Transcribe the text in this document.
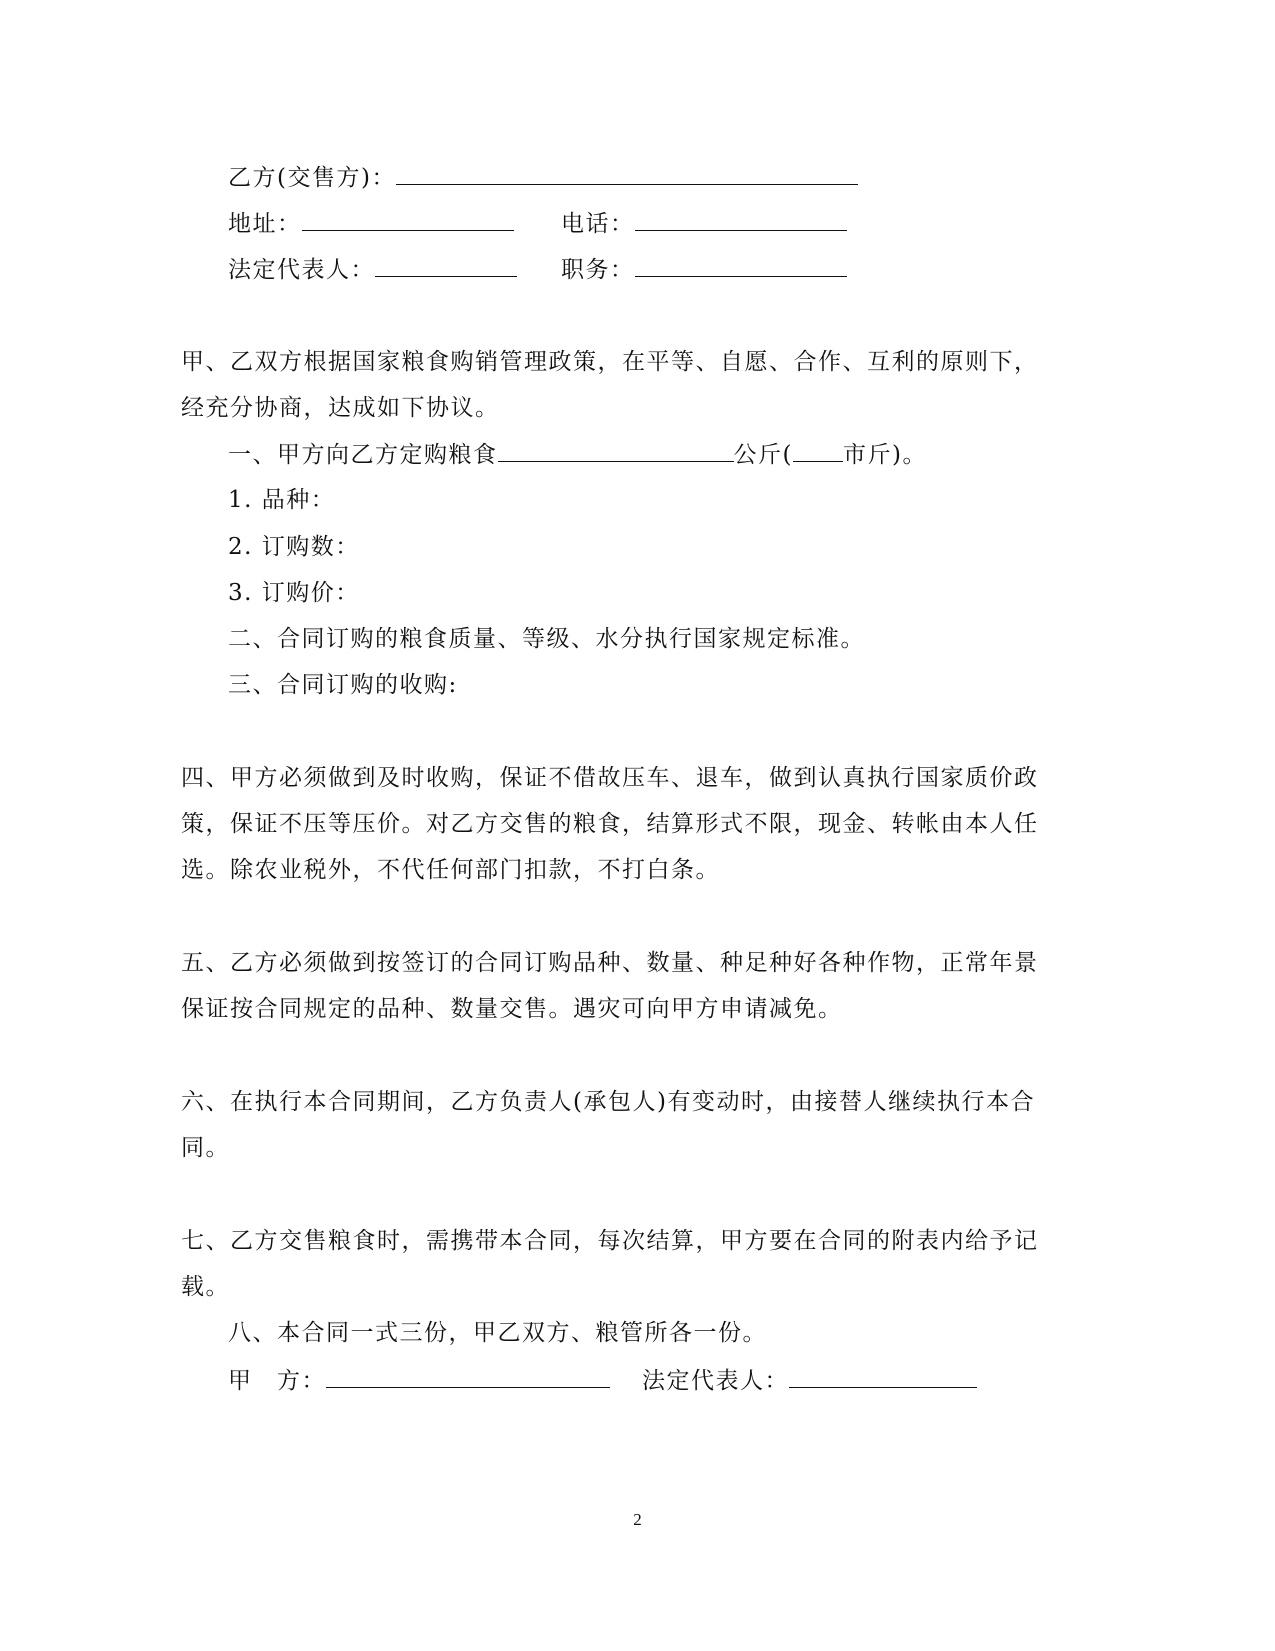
乙方(交售方)：
地址：	电话：
法定代表人：	职务：
甲、乙双方根据国家粮食购销管理政策，在平等、自愿、合作、互利的原则下，
经充分协商，达成如下协议。
一、甲方向乙方定购粮食	公斤( 市斤)。
1. 品种：
2. 订购数：
3. 订购价：
二、合同订购的粮食质量、等级、水分执行国家规定标准。
三、合同订购的收购:
四、甲方必须做到及时收购，保证不借故压车、退车，做到认真执行国家质价政
策，保证不压等压价。对乙方交售的粮食，结算形式不限，现金、转帐由本人任
选。除农业税外，不代任何部门扣款，不打白条。
五、乙方必须做到按签订的合同订购品种、数量、种足种好各种作物，正常年景
保证按合同规定的品种、数量交售。遇灾可向甲方申请减免。
六、在执行本合同期间，乙方负责人(承包人)有变动时，由接替人继续执行本合
同。
七、乙方交售粮食时，需携带本合同，每次结算，甲方要在合同的附表内给予记
载。
八、本合同一式三份，甲乙双方、粮管所各一份。
甲　方：	法定代表人：
2
